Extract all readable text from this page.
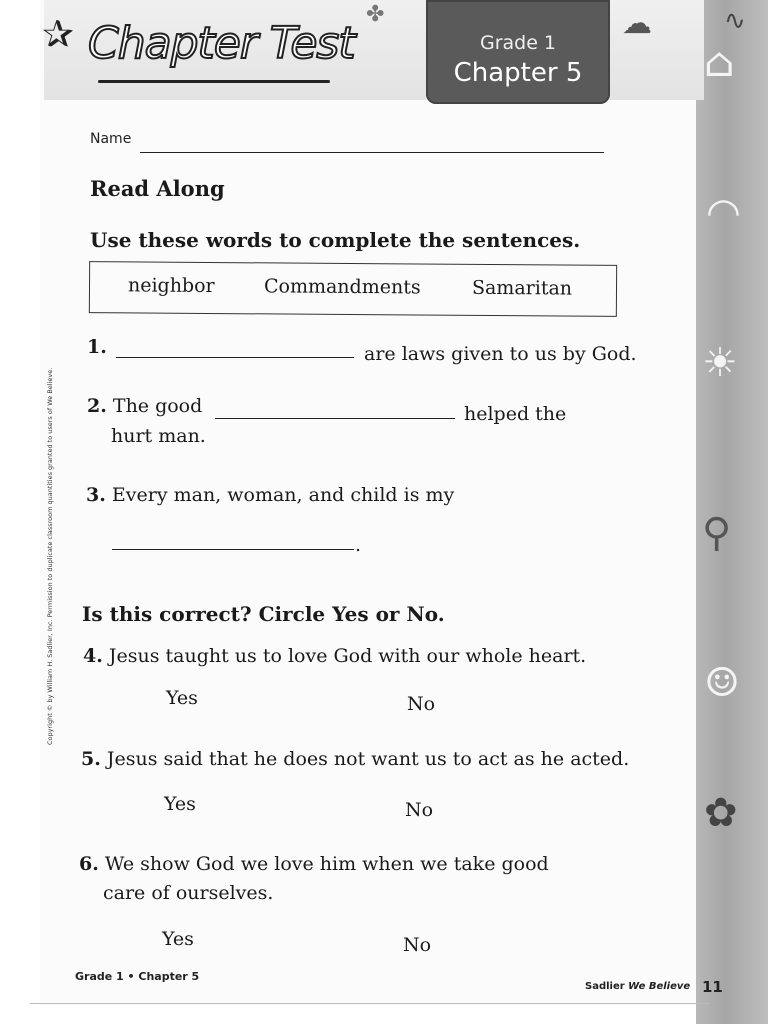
⌂
◠
☀
⚲
☺
✿
✰ Chapter Test
✤	☁	∿
Grade 1
Chapter 5
Copyright © by William H. Sadlier, Inc. Permission to duplicate classroom quantities granted to users of We Believe.
Name
Read Along
Use these words to complete the sentences.
neighbor	Commandments	Samaritan
1.	are laws given to us by God.
2. The good	helped the
hurt man.
3. Every man, woman, and child is my
.
Is this correct? Circle Yes or No.
4. Jesus taught us to love God with our whole heart.
Yes	No
5. Jesus said that he does not want us to act as he acted.
Yes	No
6. We show God we love him when we take good
care of ourselves.
Yes	No
Grade 1 • Chapter 5
Sadlier We Believe 11
